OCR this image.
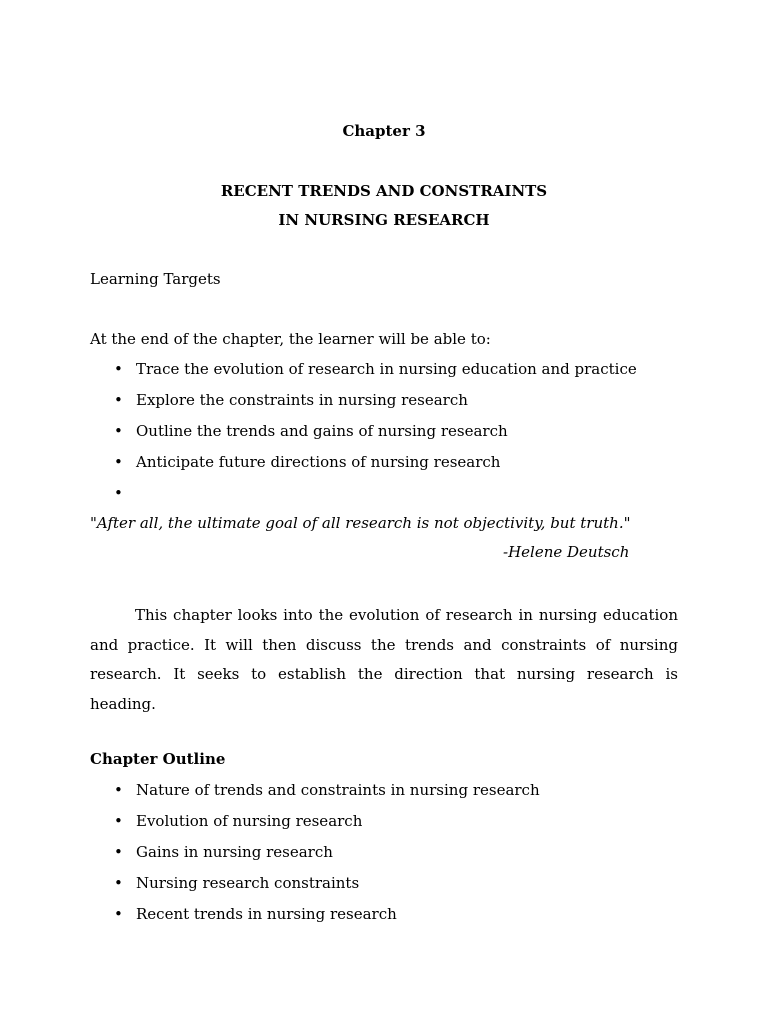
Chapter 3
RECENT TRENDS AND CONSTRAINTS
IN NURSING RESEARCH
Learning Targets
At the end of the chapter, the learner will be able to:
• Trace the evolution of research in nursing education and practice
• Explore the constraints in nursing research
• Outline the trends and gains of nursing research
• Anticipate future directions of nursing research
•
"After all, the ultimate goal of all research is not objectivity, but truth."
-Helene Deutsch

This chapter looks into the evolution of research in nursing education and practice. It will then discuss the trends and constraints of nursing research. It seeks to establish the direction that nursing research is heading.

Chapter Outline
• Nature of trends and constraints in nursing research
• Evolution of nursing research
• Gains in nursing research
• Nursing research constraints
• Recent trends in nursing research
